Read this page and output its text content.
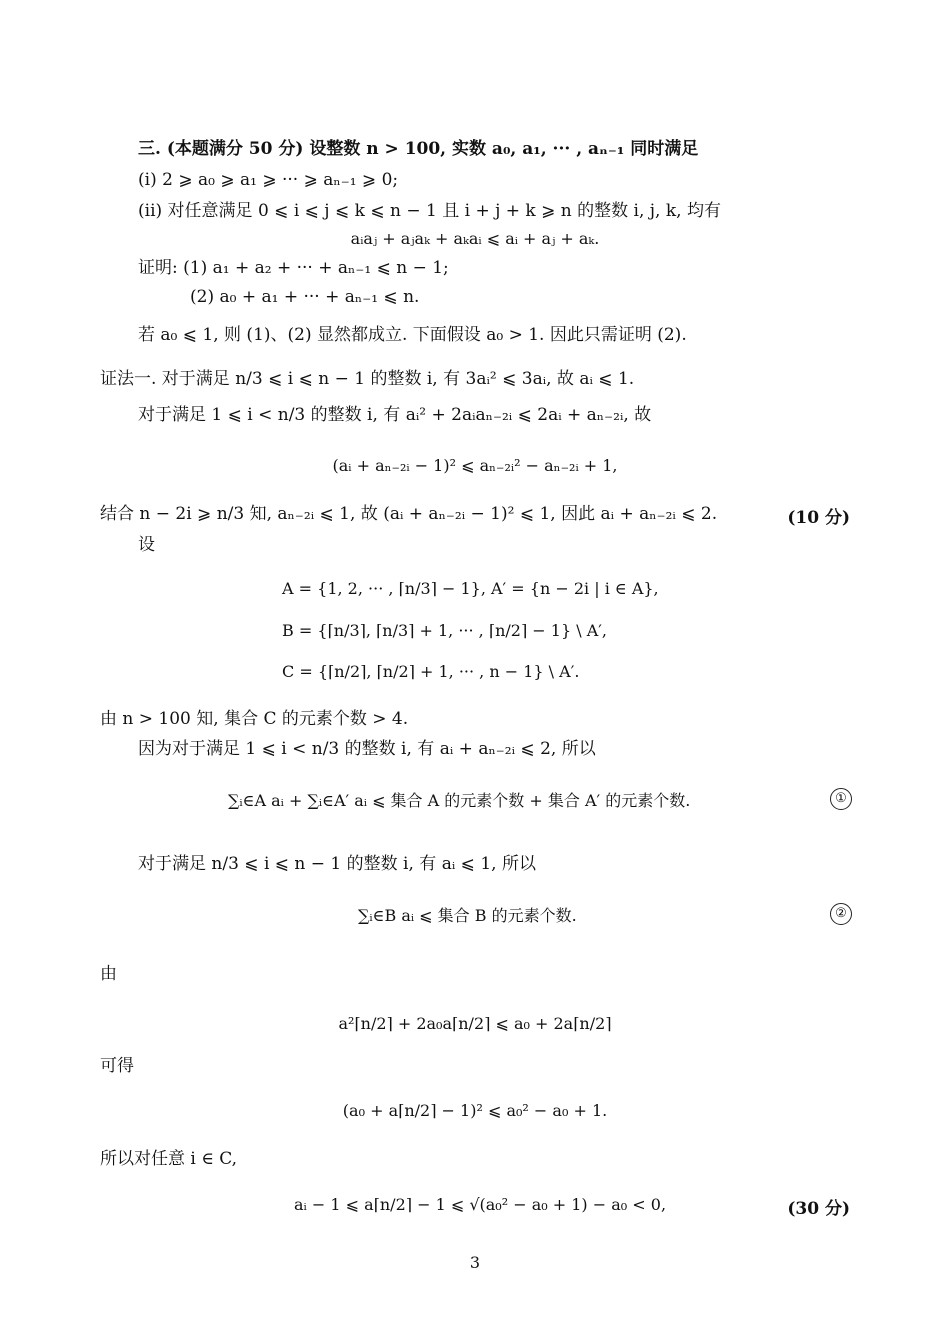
三. (本题满分 50 分) 设整数 n > 100, 实数 a₀, a₁, ··· , aₙ₋₁ 同时满足
(i) 2 ⩾ a₀ ⩾ a₁ ⩾ ··· ⩾ aₙ₋₁ ⩾ 0;
(ii) 对任意满足 0 ⩽ i ⩽ j ⩽ k ⩽ n − 1 且 i + j + k ⩾ n 的整数 i, j, k, 均有
aᵢaⱼ + aⱼaₖ + aₖaᵢ ⩽ aᵢ + aⱼ + aₖ.
证明: (1) a₁ + a₂ + ··· + aₙ₋₁ ⩽ n − 1;
(2) a₀ + a₁ + ··· + aₙ₋₁ ⩽ n.
若 a₀ ⩽ 1, 则 (1)、(2) 显然都成立. 下面假设 a₀ > 1. 因此只需证明 (2).
证法一. 对于满足 n/3 ⩽ i ⩽ n − 1 的整数 i, 有 3aᵢ² ⩽ 3aᵢ, 故 aᵢ ⩽ 1.
对于满足 1 ⩽ i < n/3 的整数 i, 有 aᵢ² + 2aᵢaₙ₋₂ᵢ ⩽ 2aᵢ + aₙ₋₂ᵢ, 故
(aᵢ + aₙ₋₂ᵢ − 1)² ⩽ aₙ₋₂ᵢ² − aₙ₋₂ᵢ + 1,
结合 n − 2i ⩾ n/3 知, aₙ₋₂ᵢ ⩽ 1, 故 (aᵢ + aₙ₋₂ᵢ − 1)² ⩽ 1, 因此 aᵢ + aₙ₋₂ᵢ ⩽ 2.	(10 分)
设
A = {1, 2, ··· , ⌈n/3⌉ − 1}, A′ = {n − 2i | i ∈ A},
B = {⌈n/3⌉, ⌈n/3⌉ + 1, ··· , ⌈n/2⌉ − 1} \ A′,
C = {⌈n/2⌉, ⌈n/2⌉ + 1, ··· , n − 1} \ A′.
由 n > 100 知, 集合 C 的元素个数 > 4.
因为对于满足 1 ⩽ i < n/3 的整数 i, 有 aᵢ + aₙ₋₂ᵢ ⩽ 2, 所以
∑ᵢ∈A aᵢ + ∑ᵢ∈A′ aᵢ ⩽ 集合 A 的元素个数 + 集合 A′ 的元素个数.	①
对于满足 n/3 ⩽ i ⩽ n − 1 的整数 i, 有 aᵢ ⩽ 1, 所以
∑ᵢ∈B aᵢ ⩽ 集合 B 的元素个数.	②
由
a²⌈n/2⌉ + 2a₀a⌈n/2⌉ ⩽ a₀ + 2a⌈n/2⌉
可得
(a₀ + a⌈n/2⌉ − 1)² ⩽ a₀² − a₀ + 1.
所以对任意 i ∈ C,
aᵢ − 1 ⩽ a⌈n/2⌉ − 1 ⩽ √(a₀² − a₀ + 1) − a₀ < 0,	(30 分)
3
